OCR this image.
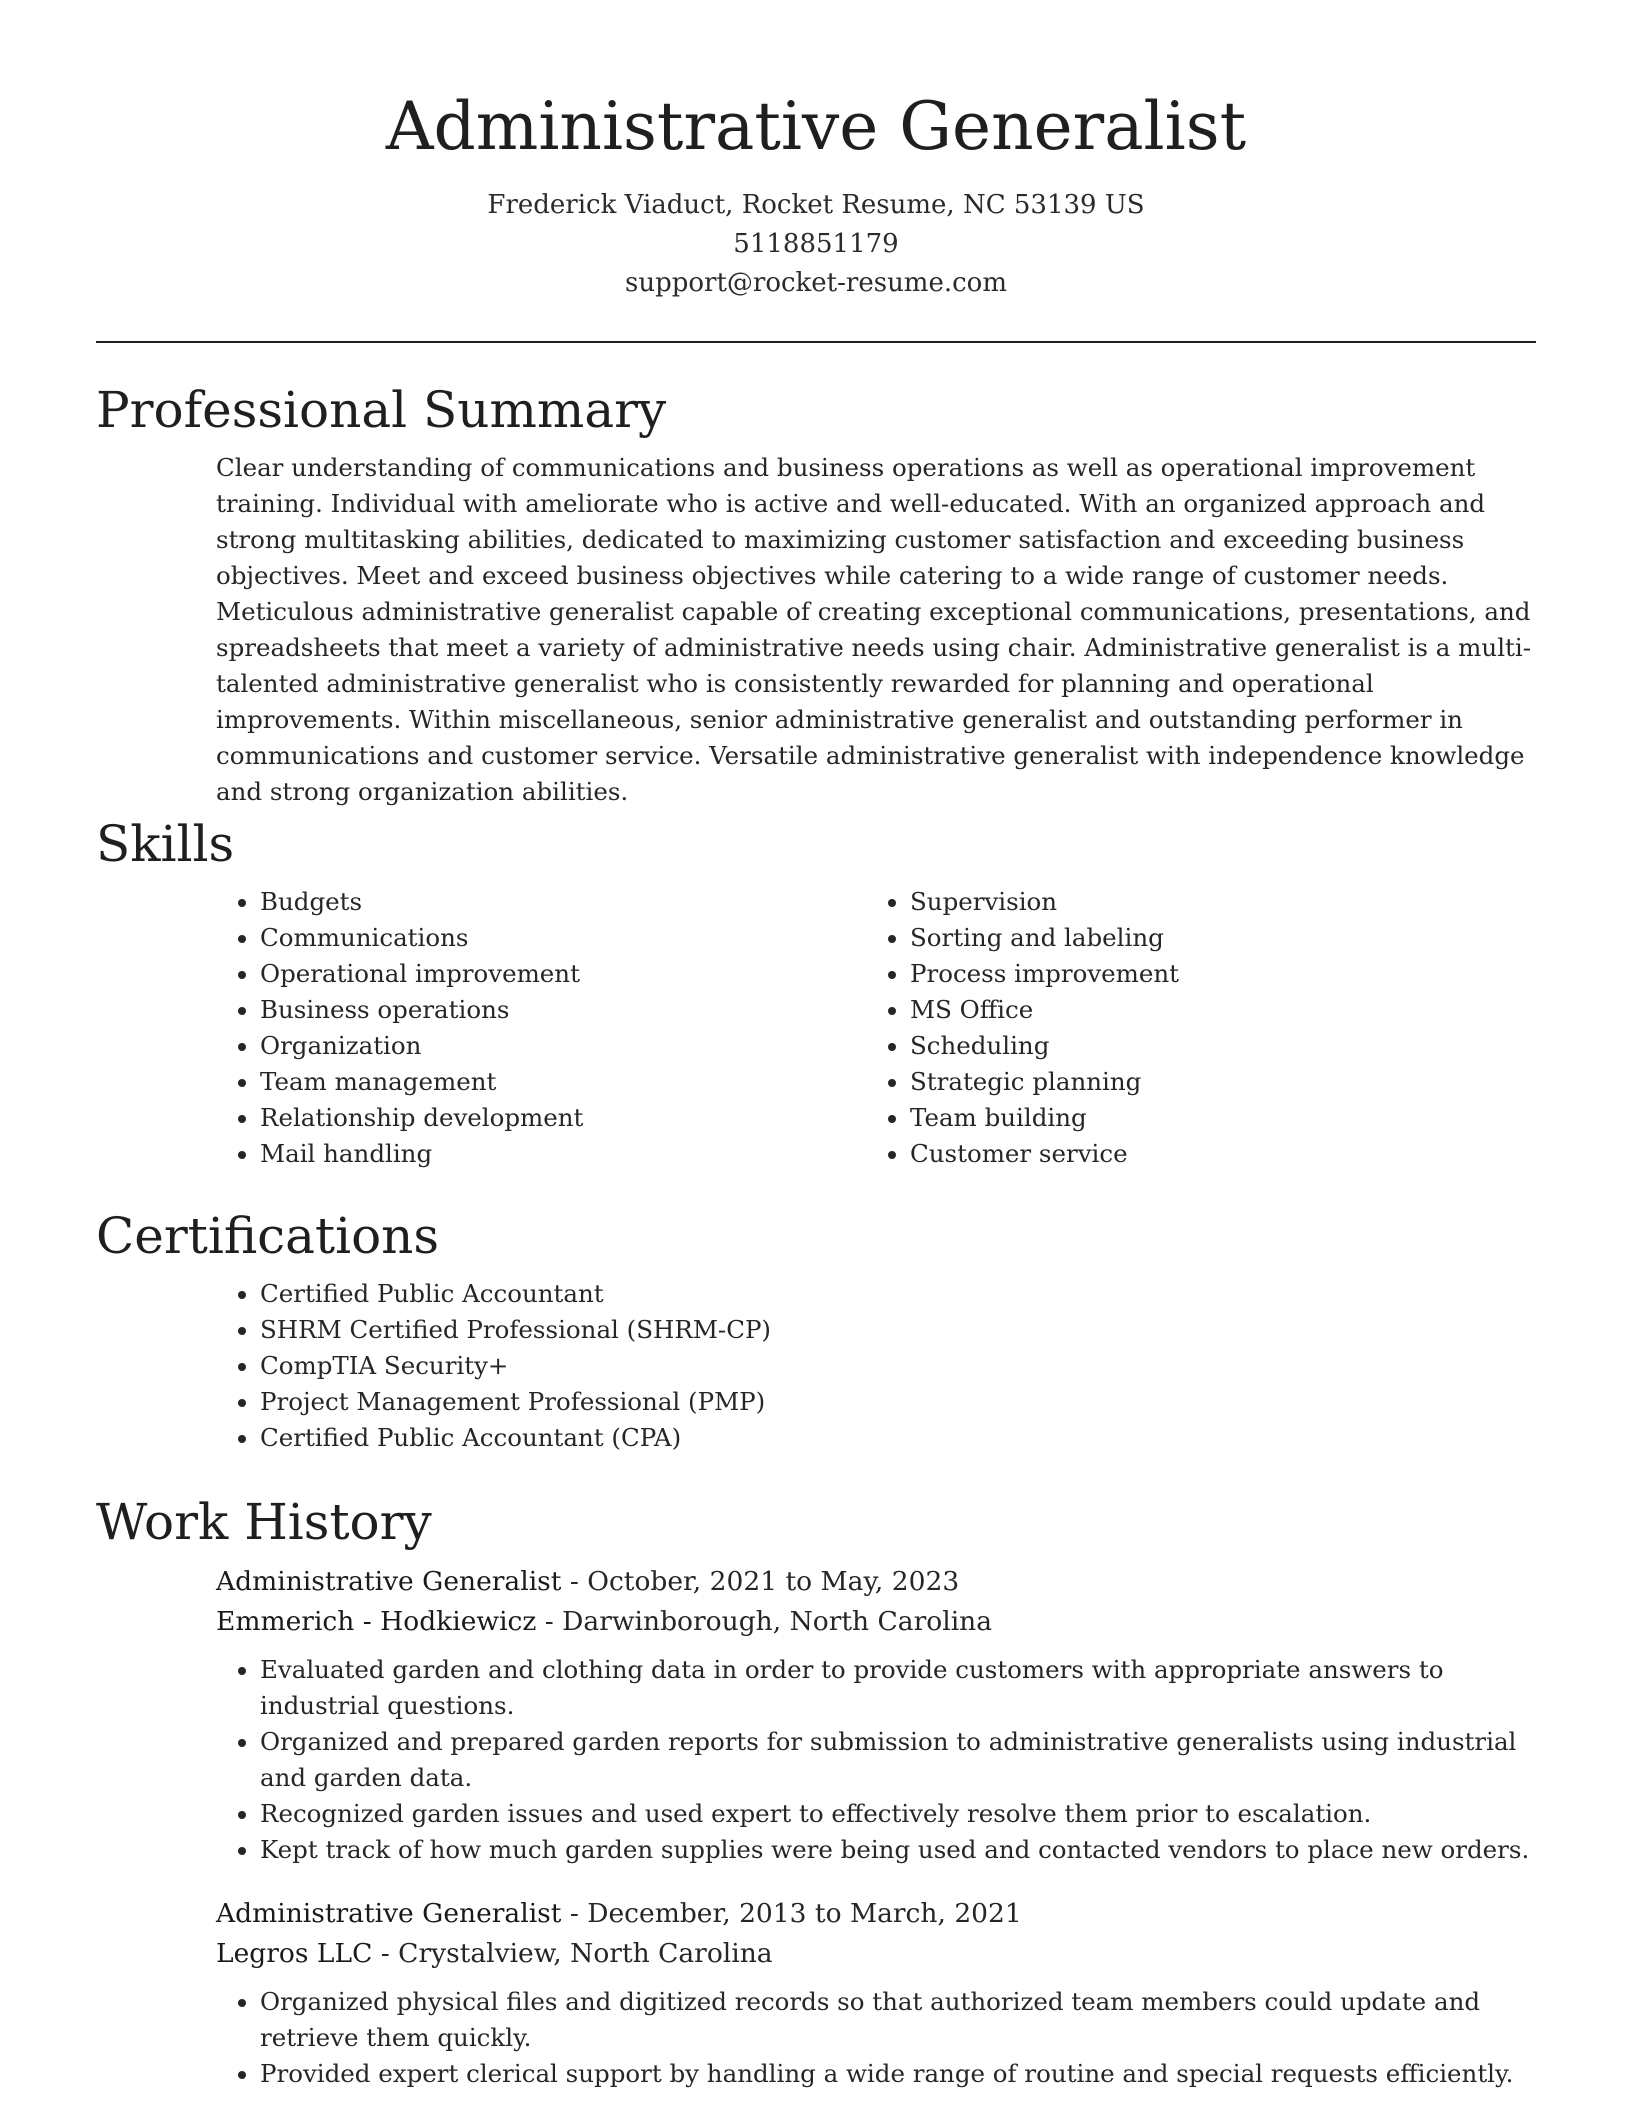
Administrative Generalist
Frederick Viaduct, Rocket Resume, NC 53139 US
5118851179
support@rocket-resume.com
Professional Summary

Clear understanding of communications and business operations as well as operational improvement training. Individual with ameliorate who is active and well-educated. With an organized approach and strong multitasking abilities, dedicated to maximizing customer satisfaction and exceeding business objectives. Meet and exceed business objectives while catering to a wide range of customer needs. Meticulous administrative generalist capable of creating exceptional communications, presentations, and spreadsheets that meet a variety of administrative needs using chair. Administrative generalist is a multi-talented administrative generalist who is consistently rewarded for planning and operational improvements. Within miscellaneous, senior administrative generalist and outstanding performer in communications and customer service. Versatile administrative generalist with independence knowledge and strong organization abilities.

Skills
• Budgets
• Communications
• Operational improvement
• Business operations
• Organization
• Team management
• Relationship development
• Mail handling
• Supervision
• Sorting and labeling
• Process improvement
• MS Office
• Scheduling
• Strategic planning
• Team building
• Customer service
Certifications
• Certified Public Accountant
• SHRM Certified Professional (SHRM-CP)
• CompTIA Security+
• Project Management Professional (PMP)
• Certified Public Accountant (CPA)
Work History
Administrative Generalist - October, 2021 to May, 2023
Emmerich - Hodkiewicz - Darwinborough, North Carolina
• Evaluated garden and clothing data in order to provide customers with appropriate answers to industrial questions.
• Organized and prepared garden reports for submission to administrative generalists using industrial and garden data.
• Recognized garden issues and used expert to effectively resolve them prior to escalation.
• Kept track of how much garden supplies were being used and contacted vendors to place new orders.
Administrative Generalist - December, 2013 to March, 2021
Legros LLC - Crystalview, North Carolina
• Organized physical files and digitized records so that authorized team members could update and retrieve them quickly.
• Provided expert clerical support by handling a wide range of routine and special requests efficiently.
